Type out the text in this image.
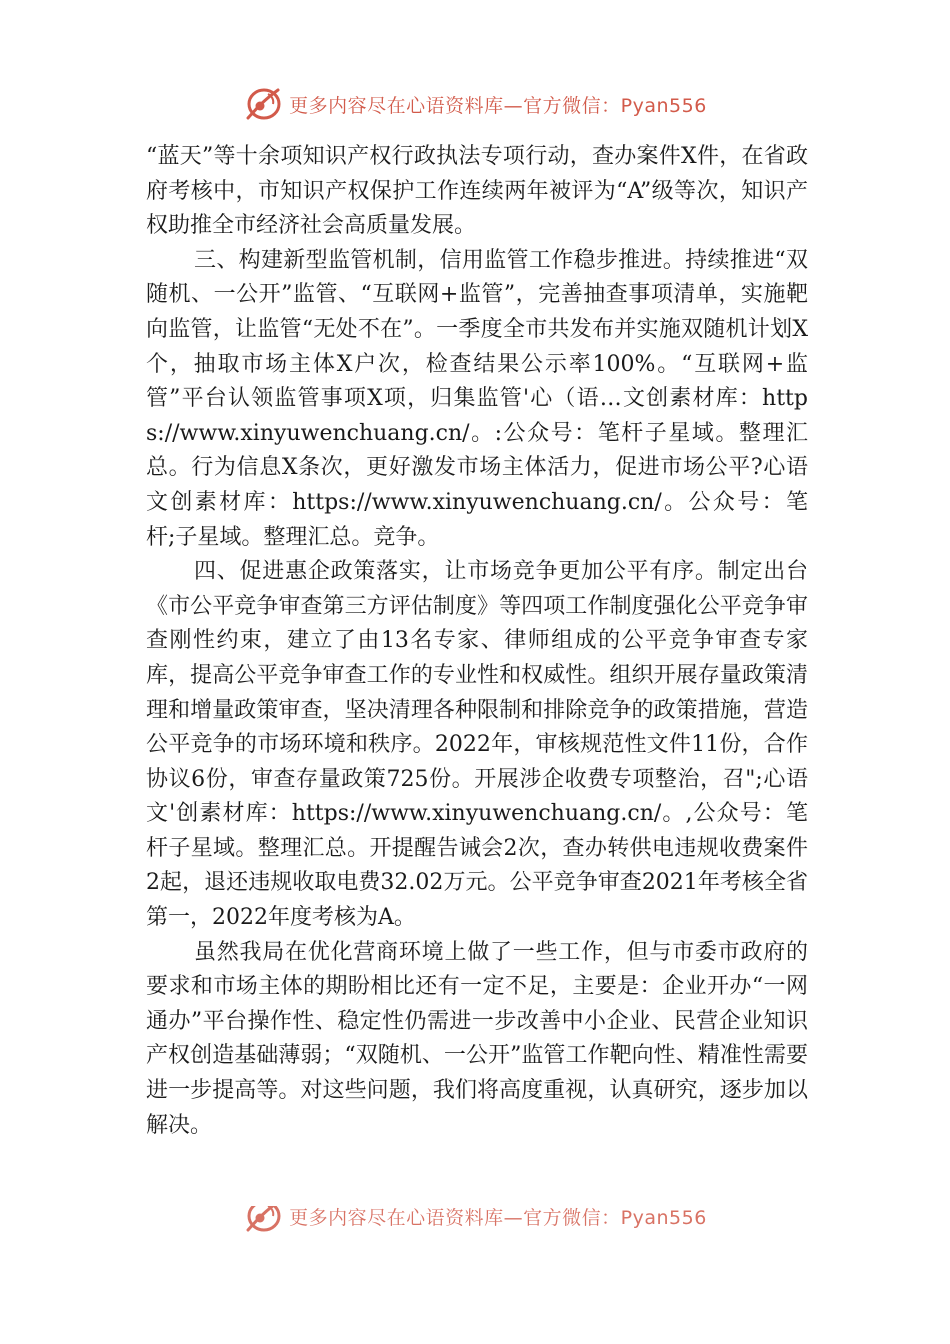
更多内容尽在心语资料库—官方微信：Pyan556

“蓝天”等十余项知识产权行政执法专项行动，查办案件X件，在省政府考核中，市知识产权保护工作连续两年被评为“A”级等次，知识产权助推全市经济社会高质量发展。

三、构建新型监管机制，信用监管工作稳步推进。持续推进“双随机、一公开”监管、“互联网+监管”，完善抽查事项清单，实施靶向监管，让监管“无处不在”。一季度全市共发布并实施双随机计划X个，抽取市场主体X户次，检查结果公示率100%。“互联网+监管”平台认领监管事项X项，归集监管'心（语…文创素材库：https://www.xinyuwenchuang.cn/。:公众号：笔杆子星域。整理汇总。行为信息X条次，更好激发市场主体活力，促进市场公平?心语文创素材库：https://www.xinyuwenchuang.cn/。公众号：笔杆;子星域。整理汇总。竞争。

四、促进惠企政策落实，让市场竞争更加公平有序。制定出台《市公平竞争审查第三方评估制度》等四项工作制度强化公平竞争审查刚性约束，建立了由13名专家、律师组成的公平竞争审查专家库，提高公平竞争审查工作的专业性和权威性。组织开展存量政策清理和增量政策审查，坚决清理各种限制和排除竞争的政策措施，营造公平竞争的市场环境和秩序。2022年，审核规范性文件11份，合作协议6份，审查存量政策725份。开展涉企收费专项整治，召";心语文'创素材库：https://www.xinyuwenchuang.cn/。,公众号：笔杆子星域。整理汇总。开提醒告诫会2次，查办转供电违规收费案件2起，退还违规收取电费32.02万元。公平竞争审查2021年考核全省第一，2022年度考核为A。

虽然我局在优化营商环境上做了一些工作，但与市委市政府的要求和市场主体的期盼相比还有一定不足，主要是：企业开办“一网通办”平台操作性、稳定性仍需进一步改善中小企业、民营企业知识产权创造基础薄弱；“双随机、一公开”监管工作靶向性、精准性需要进一步提高等。对这些问题，我们将高度重视，认真研究，逐步加以解决。

更多内容尽在心语资料库—官方微信：Pyan556
